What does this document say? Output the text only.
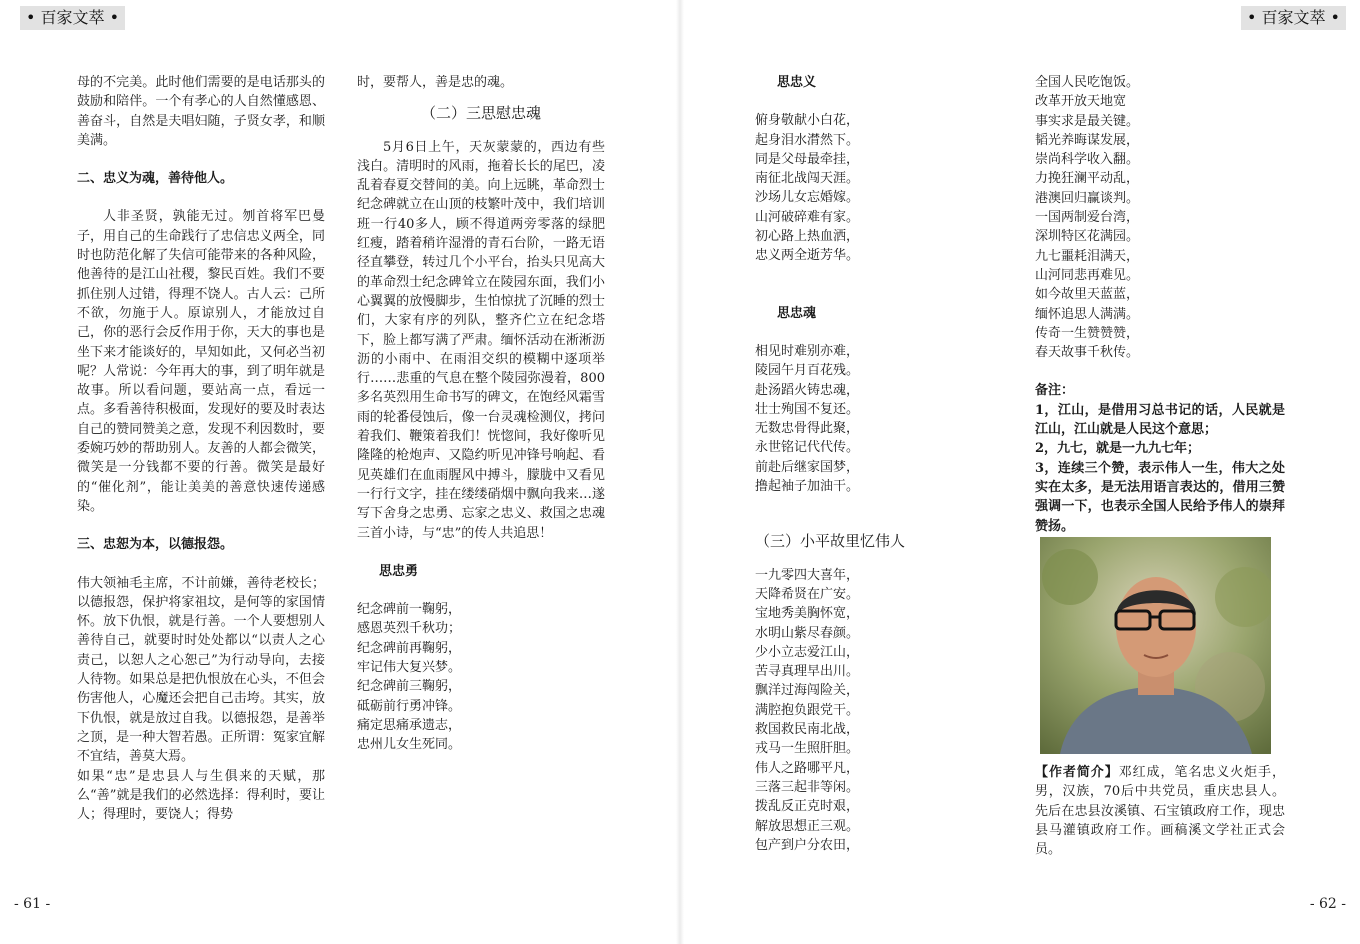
• 百家文萃 •	• 百家文萃 •

母的不完美。此时他们需要的是电话那头的鼓励和陪伴。一个有孝心的人自然懂感恩、善奋斗，自然是夫唱妇随，子贤女孝，和顺美满。

二、忠义为魂，善待他人。

人非圣贤，孰能无过。刎首将军巴曼子，用自己的生命践行了忠信忠义两全，同时也防范化解了失信可能带来的各种风险，他善待的是江山社稷，黎民百姓。我们不要抓住别人过错，得理不饶人。古人云：己所不欲，勿施于人。原谅别人，才能放过自己，你的恶行会反作用于你，天大的事也是坐下来才能谈好的，早知如此，又何必当初呢？人常说：今年再大的事，到了明年就是故事。所以看问题，要站高一点，看远一点。多看善待积极面，发现好的要及时表达自己的赞同赞美之意，发现不利因数时，要委婉巧妙的帮助别人。友善的人都会微笑，微笑是一分钱都不要的行善。微笑是最好的“催化剂”，能让美美的善意快速传递感染。

三、忠恕为本，以德报怨。

伟大领袖毛主席，不计前嫌，善待老校长；以德报怨，保护将家祖坟，是何等的家国情怀。放下仇恨，就是行善。一个人要想别人善待自己，就要时时处处都以“以责人之心责己，以恕人之心恕己”为行动导向，去接人待物。如果总是把仇恨放在心头，不但会伤害他人，心魔还会把自己击垮。其实，放下仇恨，就是放过自我。以德报怨，是善举之顶，是一种大智若愚。正所谓：冤家宜解不宜结，善莫大焉。

如果“忠”是忠县人与生俱来的天赋，那么“善”就是我们的必然选择：得利时，要让人；得理时，要饶人；得势

时，要帮人，善是忠的魂。

（二）三思慰忠魂

5月6日上午，天灰蒙蒙的，西边有些浅白。清明时的风雨，拖着长长的尾巴，凌乱着春夏交替间的美。向上远眺，革命烈士纪念碑就立在山顶的枝繁叶茂中，我们培训班一行40多人，顾不得道两旁零落的绿肥红瘦，踏着稍许湿滑的青石台阶，一路无语径直攀登，转过几个小平台，抬头只见高大的革命烈士纪念碑耸立在陵园东面，我们小心翼翼的放慢脚步，生怕惊扰了沉睡的烈士们，大家有序的列队，整齐伫立在纪念塔下，脸上都写满了严肃。缅怀活动在淅淅沥沥的小雨中、在雨泪交织的模糊中逐项举行……悲重的气息在整个陵园弥漫着，800多名英烈用生命书写的碑文，在饱经风霜雪雨的轮番侵蚀后，像一台灵魂检测仪，拷问着我们、鞭策着我们！恍惚间，我好像听见隆隆的枪炮声、又隐约听见冲锋号响起、看见英雄们在血雨腥风中搏斗，朦胧中又看见一行行文字，挂在缕缕硝烟中飘向我来…遂写下舍身之忠勇、忘家之忠义、救国之忠魂三首小诗，与“忠”的传人共追思！

思忠勇
纪念碑前一鞠躬，
感恩英烈千秋功；
纪念碑前再鞠躬，
牢记伟大复兴梦。
纪念碑前三鞠躬，
砥砺前行勇冲锋。
痛定思痛承遗志，
忠州儿女生死同。
思忠义
俯身敬献小白花，
起身泪水潸然下。
同是父母最牵挂，
南征北战闯天涯。
沙场儿女忘婚嫁。
山河破碎难有家。
初心路上热血洒，
忠义两全逝芳华。
思忠魂
相见时难别亦难，
陵园午月百花残。
赴汤蹈火铸忠魂，
壮士殉国不复还。
无数忠骨得此聚，
永世铭记代代传。
前赴后继家国梦，
撸起袖子加油干。
（三）小平故里忆伟人
一九零四大喜年，
天降希贤在广安。
宝地秀美胸怀宽，
水明山紫尽春颜。
少小立志爱江山，
苦寻真理早出川。
飘洋过海闯险关，
满腔抱负跟党干。
救国救民南北战，
戎马一生照肝胆。
伟人之路哪平凡，
三落三起非等闲。
拨乱反正克时艰，
解放思想正三观。
包产到户分农田，
全国人民吃饱饭。
改革开放天地宽
事实求是最关键。
韬光养晦谋发展，
崇尚科学收入翻。
力挽狂澜平动乱，
港澳回归赢谈判。
一国两制爱台湾，
深圳特区花满园。
九七噩耗泪满天，
山河同悲再难见。
如今故里天蓝蓝，
缅怀追思人满满。
传奇一生赞赞赞，
春天故事千秋传。
备注：
1，江山，是借用习总书记的话，人民就是江山，江山就是人民这个意思；
2，九七，就是一九九七年；
3，连续三个赞，表示伟人一生，伟大之处实在太多，是无法用语言表达的，借用三赞强调一下，也表示全国人民给予伟人的崇拜赞扬。
【作者简介】邓红成，笔名忠义火炬手，男，汉族，70后中共党员，重庆忠县人。先后在忠县汝溪镇、石宝镇政府工作，现忠县马灌镇政府工作。画稿溪文学社正式会员。
- 61 -	- 62 -
